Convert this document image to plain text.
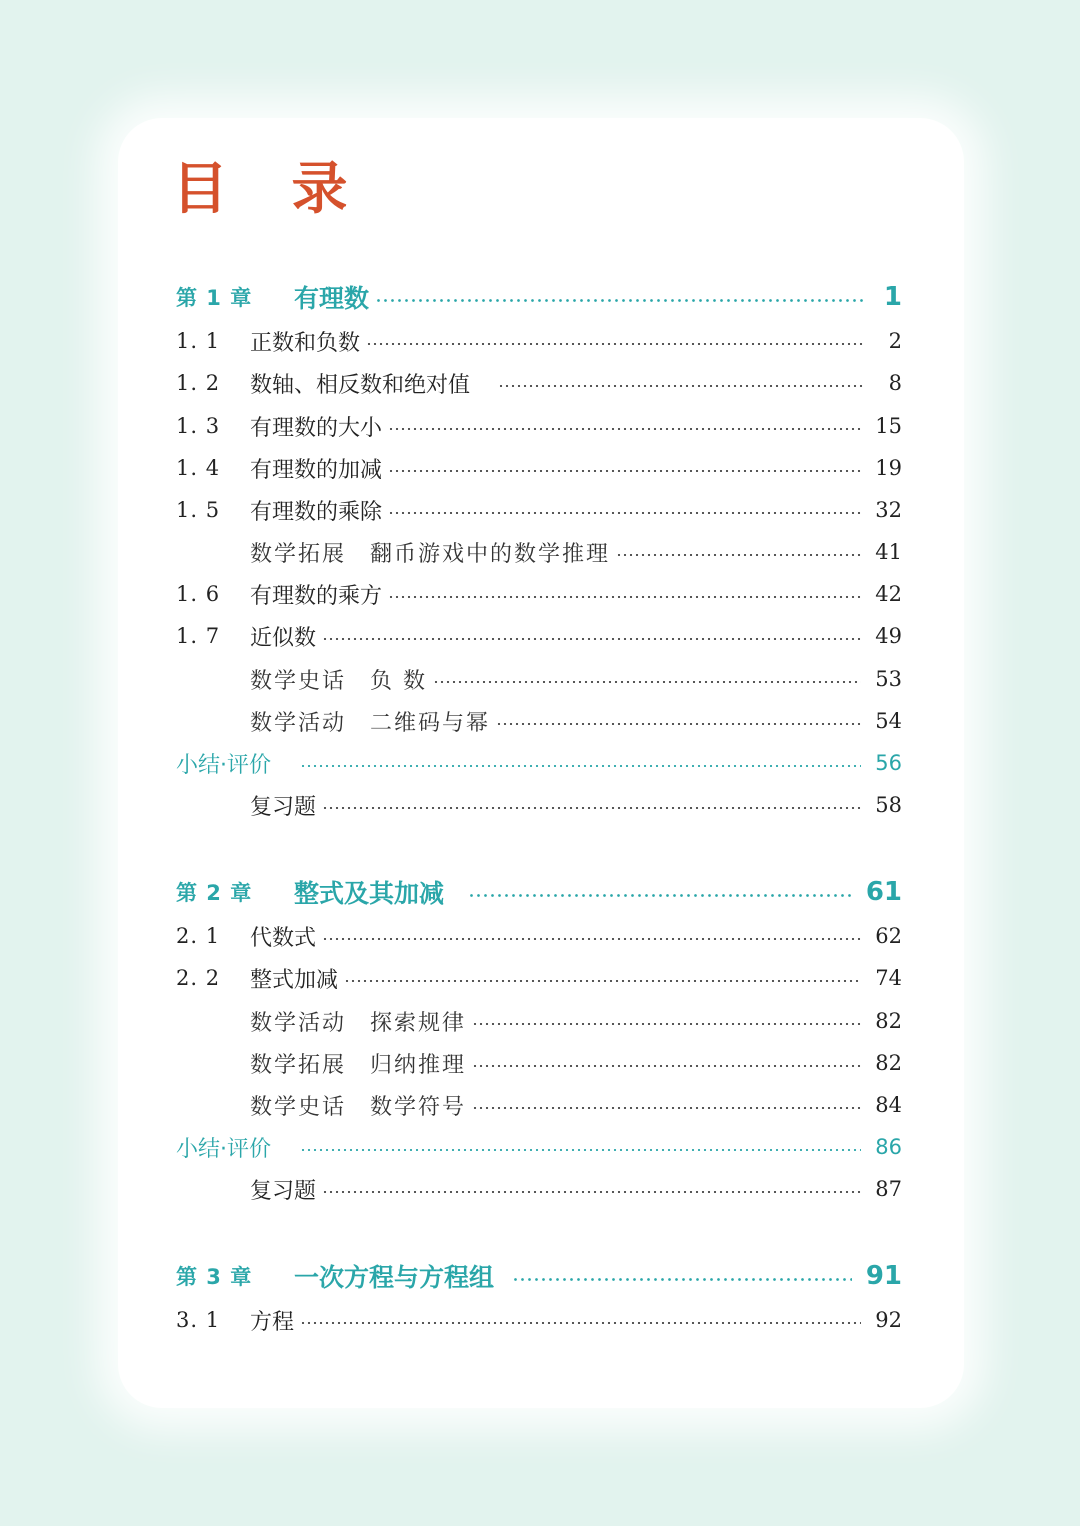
目 录
第 1 章	有理数	1
1. 1	正数和负数	2
1. 2	数轴、相反数和绝对值	8
1. 3	有理数的大小	15
1. 4	有理数的加减	19
1. 5	有理数的乘除	32
数学拓展 翻币游戏中的数学推理	41
1. 6	有理数的乘方	42
1. 7	近似数	49
数学史话 负 数	53
数学活动 二维码与幂	54
小结·评价	56
复习题	58
第 2 章	整式及其加减	61
2. 1	代数式	62
2. 2	整式加减	74
数学活动 探索规律	82
数学拓展 归纳推理	82
数学史话 数学符号	84
小结·评价	86
复习题	87
第 3 章	一次方程与方程组	91
3. 1	方程	92
